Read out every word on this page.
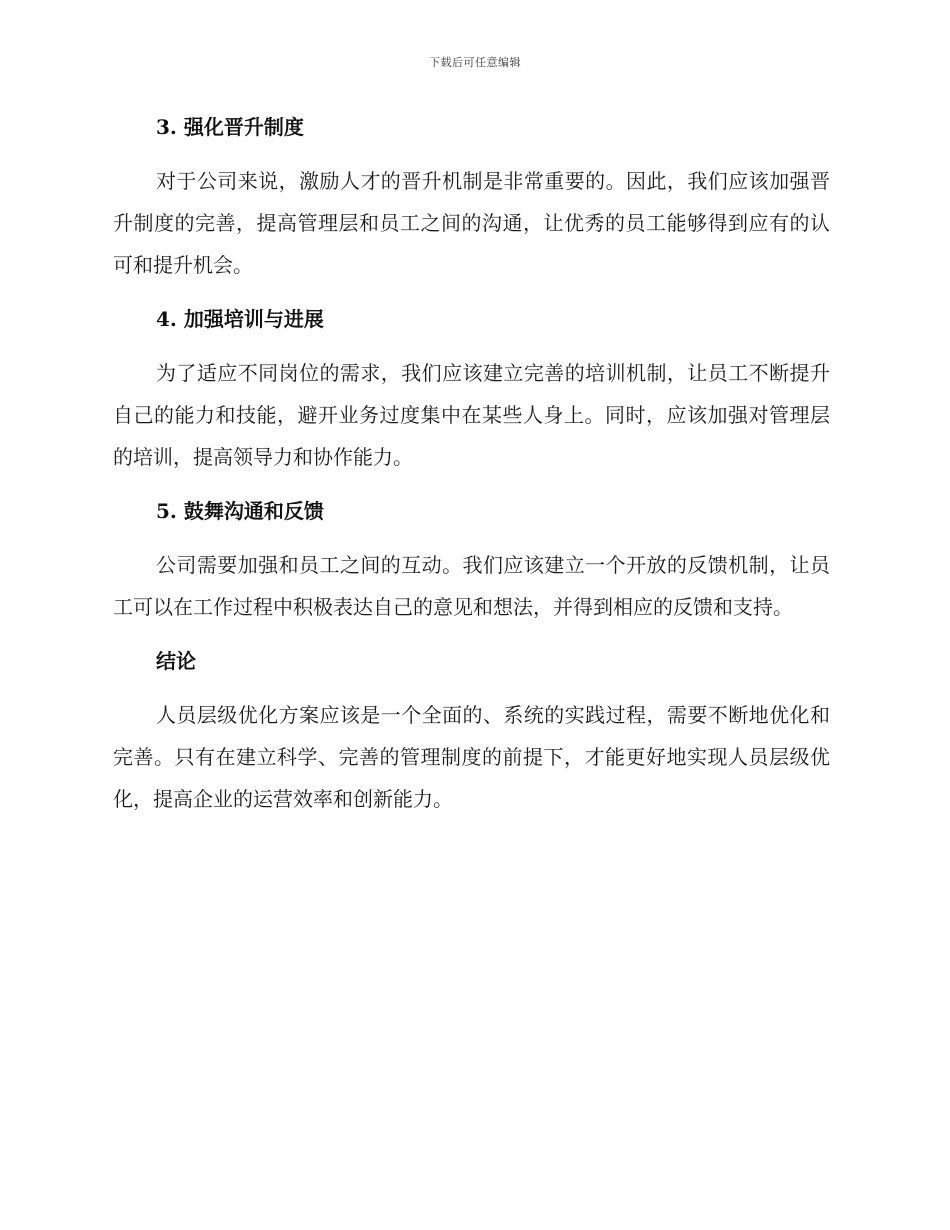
下载后可任意编辑
3. 强化晋升制度

对于公司来说，激励人才的晋升机制是非常重要的。因此，我们应该加强晋升制度的完善，提高管理层和员工之间的沟通，让优秀的员工能够得到应有的认可和提升机会。

4. 加强培训与进展

为了适应不同岗位的需求，我们应该建立完善的培训机制，让员工不断提升自己的能力和技能，避开业务过度集中在某些人身上。同时，应该加强对管理层的培训，提高领导力和协作能力。

5. 鼓舞沟通和反馈

公司需要加强和员工之间的互动。我们应该建立一个开放的反馈机制，让员工可以在工作过程中积极表达自己的意见和想法，并得到相应的反馈和支持。

结论

人员层级优化方案应该是一个全面的、系统的实践过程，需要不断地优化和完善。只有在建立科学、完善的管理制度的前提下，才能更好地实现人员层级优化，提高企业的运营效率和创新能力。
